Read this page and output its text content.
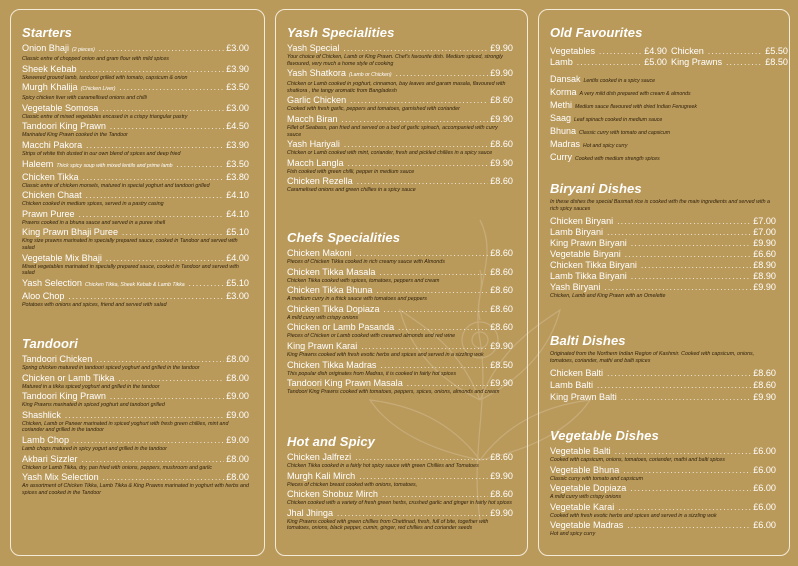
Starters
Onion Bhaji (2 pieces) .....	£3.00
Classic entre of chopped onion and gram flour with mild spices
Sheek Kebab .....	£3.90
Skewered ground lamb, tandoori grilled with tomato, capsicum & onion
Murgh Khalija (Chicken Liver) .....	£3.50
Spicy chicken liver with caramellised onions and chilli
Vegetable Somosa .....	£3.00
Classic entre of mixed vegetables encased in a crispy triangular pastry
Tandoori King Prawn .....	£4.50
Marinated King Prawn cooked in the Tandoor
Macchi Pakora .....	£3.90
Strips of white fish dusted in our own blend of spices and deep fried
Haleem Thick spicy soup with mixed lentils and prime lamb .....	£3.50
Chicken Tikka .....	£3.80
Classic entre of chicken morsels, matured in special yoghurt and tandoori grilled
Chicken Chaat .....	£4.10
Chicken cooked in medium spices, served in a pastry casing
Prawn Puree .....	£4.10
Prawns cooked in a bhuna sauce and served in a puree shell
King Prawn Bhaji Puree .....	£5.10
King size prawns marinated in specially prepared sauce, cooked in Tandoor and served with salad
Vegetable Mix Bhaji .....	£4.00
Mixed vegetables marinated in specially prepared sauce, cooked in Tandoor and served with salad
Yash Selection Chicken Tikka, Sheek Kebab & Lamb Tikka .....	£5.10
Aloo Chop .....	£3.00
Potatoes with onions and spices, friend and served with salad
Tandoori
Tandoori Chicken .....	£8.00
Spring chicken matured in tandoori spiced yoghurt and grilled in the tandoor
Chicken or Lamb Tikka .....	£8.00
Matured in a tikka spiced yoghurt and grilled in the tandoor
Tandoori King Prawn .....	£9.00
King Prawns marinated in spiced yoghurt and tandoori grilled
Shashlick .....	£9.00
Chicken, Lamb or Paneer marinated in spiced yoghurt with fresh green chillies, mint and coriander and grilled in the tandoor
Lamb Chop .....	£9.00
Lamb chops matured in spicy yogurt and grilled in the tandoor
Akbari Sizzler .....	£8.00
Chicken or Lamb Tikka, dry, pan fried with onions, peppers, mushroom and garlic
Yash Mix Selection .....	£8.00
An assortment of Chicken Tikka, Lamb Tikka & King Prawns marinated in yoghurt with herbs and spices and cooked in the Tandoor
Yash Specialities
Yash Special .....	£9.90
Your choice of Chicken, Lamb or King Prawn. Chef's favourite dish. Medium spiced, strongly flavoured, very much a home style of cooking
Yash Shatkora (Lamb or Chicken) .....	£9.90
Chicken or Lamb cooked in yoghurt, cinnamon, bay leaves and garam masala, flavoured with shatkora , the tangy aromatic from Bangladesh
Garlic Chicken .....	£8.60
Cooked with fresh garlic, peppers and tomatoes, garnished with coriander
Macch Biran .....	£9.90
Fillet of Seabass, pan fried and served on a bed of garlic spinach, accompanied with curry sauce
Yash Hariyali .....	£8.60
Chicken or Lamb cooked with mint, coriander, fresh and pickled chillies in a spicy sauce
Macch Langla .....	£9.90
Fish cooked with green chilli, pepper in medium sauce
Chicken Rezella .....	£8.60
Caramelised onions and green chillies in a spicy sauce
Chefs Specialities
Chicken Makoni .....	£8.60
Pieces of Chicken Tikka cooked in rich creamy sauce with Almonds
Chicken Tikka Masala .....	£8.60
Chicken Tikka cooked with spices, tomatoes, peppers and cream
Chicken Tikka Bhuna .....	£8.60
A medium curry in a thick sauce with tomatoes and peppers
Chicken Tikka Dopiaza .....	£8.60
A mild curry with crispy onions
Chicken or Lamb Pasanda .....	£8.60
Pieces of Chicken or Lamb cooked with creamed almonds and red wine
King Prawn Karai .....	£9.90
King Prawns cooked with fresh exotic herbs and spices and served in a sizzling wok
Chicken Tikka Madras .....	£8.50
This popular dish originates from Madras, it is cooked in fairly hot spices
Tandoori King Prawn Masala .....	£9.90
Tandoori King Prawns cooked with tomatoes, peppers, spices, onions, almonds and cream
Hot and Spicy
Chicken Jalfrezi .....	£8.60
Chicken Tikka cooked in a fairly hot spicy sauce with green Chillies and Tomatoes
Murgh Kali Mirch .....	£9.90
Pieces of chicken breast cooked with onions, tomatoes,
Chicken Shobuz Mirch .....	£8.60
Chicken cooked with a variety of fresh green herbs, crushed garlic and ginger in fairly hot spices
Jhal Jhinga .....	£9.90
King Prawns cooked with green chillies from Chettinad, fresh, full of bite, together with tomatoes, onions, black pepper, cumin, ginger, red chillies and coriander seeds
Old Favourites
Vegetables .....	£4.90 Chicken .....	£5.50
Lamb .....	£5.00 King Prawns .....	£8.50
Dansak Lentils cooked in a spicy sauce
Korma A very mild dish prepared with cream & almonds
Methi Medium sauce flavoured with dried Indian Fenugreek
Saag Leaf spinach cooked in medium sauce
Bhuna Classic curry with tomato and capsicum
Madras Hot and spicy curry
Curry Cooked with medium strength spices
Biryani Dishes
In these dishes the special Basmati rice is cooked with the main ingredients and served with a rich spicy sauces
Chicken Biryani .....	£7.00
Lamb Biryani .....	£7.00
King Prawn Biryani .....	£9.90
Vegetable Biryani .....	£6.60
Chicken Tikka Biryani .....	£8.90
Lamb Tikka Biryani .....	£8.90
Yash Biryani .....	£9.90
Chicken, Lamb and King Prawn with an Omelette
Balti Dishes
Originated from the Northern Indian Region of Kashmir. Cooked with capsicum, onions, tomatoes, coriander, mathi and balti spices
Chicken Balti .....	£8.60
Lamb Balti .....	£8.60
King Prawn Balti .....	£9.90
Vegetable Dishes
Vegetable Balti .....	£6.00
Cooked with capsicum, onions, tomatoes, coriander, mathi and balti spices
Vegetable Bhuna .....	£6.00
Classic curry with tomato and capsicum
Vegetable Dopiaza .....	£6.00
A mild curry with crispy onions
Vegetable Karai .....	£6.00
Cooked with fresh exotic herbs and spices and served in a sizzling wok
Vegetable Madras .....	£6.00
Hot and spicy curry
